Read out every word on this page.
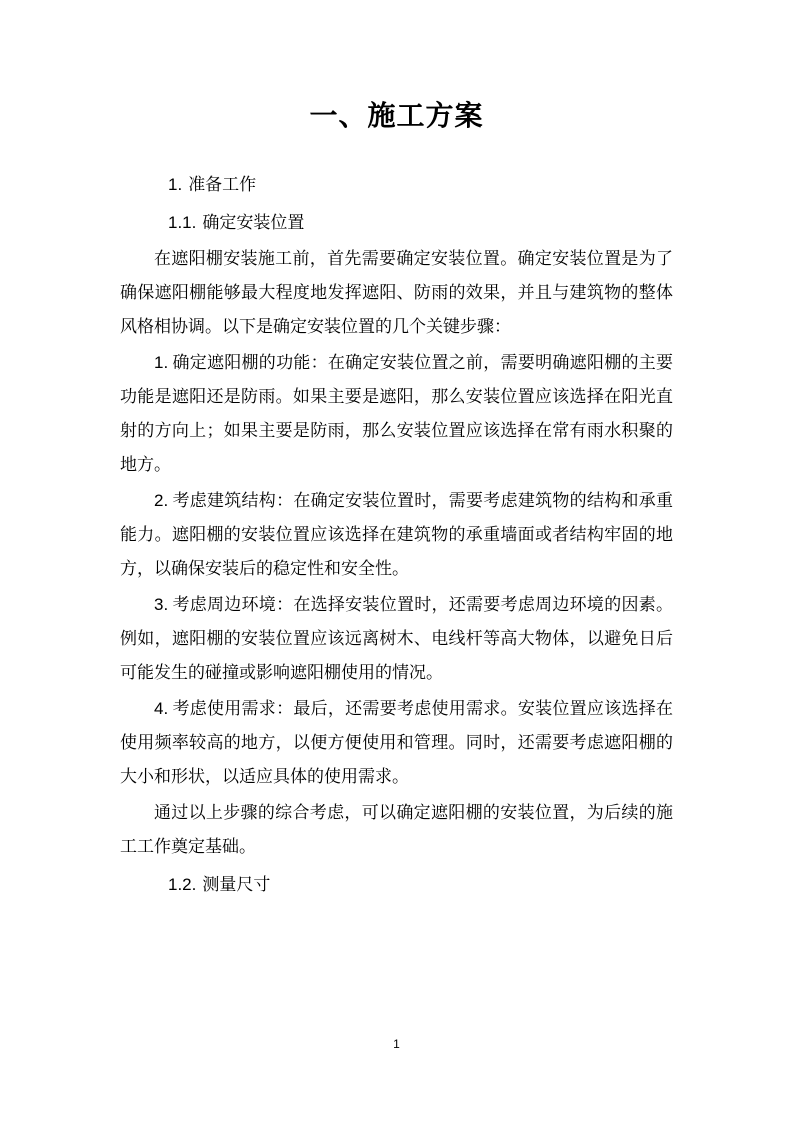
一、施工方案
1. 准备工作
1.1. 确定安装位置

在遮阳棚安装施工前，首先需要确定安装位置。确定安装位置是为了确保遮阳棚能够最大程度地发挥遮阳、防雨的效果，并且与建筑物的整体风格相协调。以下是确定安装位置的几个关键步骤：

1. 确定遮阳棚的功能：在确定安装位置之前，需要明确遮阳棚的主要功能是遮阳还是防雨。如果主要是遮阳，那么安装位置应该选择在阳光直射的方向上；如果主要是防雨，那么安装位置应该选择在常有雨水积聚的地方。

2. 考虑建筑结构：在确定安装位置时，需要考虑建筑物的结构和承重能力。遮阳棚的安装位置应该选择在建筑物的承重墙面或者结构牢固的地方，以确保安装后的稳定性和安全性。

3. 考虑周边环境：在选择安装位置时，还需要考虑周边环境的因素。例如，遮阳棚的安装位置应该远离树木、电线杆等高大物体，以避免日后可能发生的碰撞或影响遮阳棚使用的情况。

4. 考虑使用需求：最后，还需要考虑使用需求。安装位置应该选择在使用频率较高的地方，以便方便使用和管理。同时，还需要考虑遮阳棚的大小和形状，以适应具体的使用需求。

通过以上步骤的综合考虑，可以确定遮阳棚的安装位置，为后续的施工工作奠定基础。

1.2. 测量尺寸
1
